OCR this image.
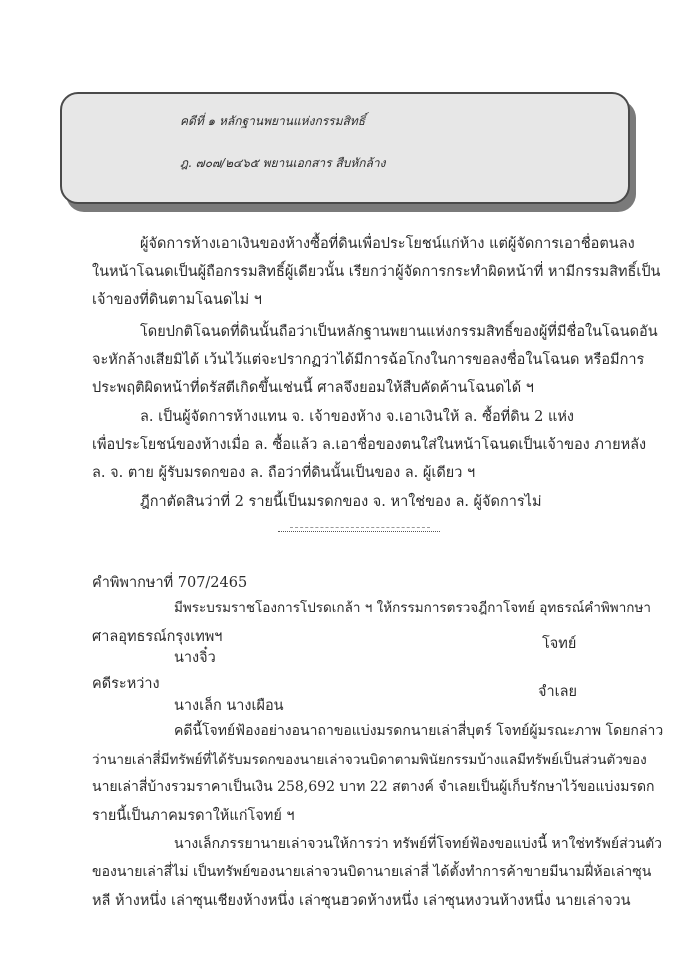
คดีที่ ๑ หลักฐานพยานแห่งกรรมสิทธิ์
ฎ. ๗๐๗/๒๔๖๕ พยานเอกสาร สืบหักล้าง
ผู้จัดการห้างเอาเงินของห้างซื้อที่ดินเพื่อประโยชน์แก่ห้าง แต่ผู้จัดการเอาชื่อตนลง
ในหน้าโฉนดเป็นผู้ถือกรรมสิทธิ์ผู้เดียวนั้น เรียกว่าผู้จัดการกระทำผิดหน้าที่ หามีกรรมสิทธิ์เป็น
เจ้าของที่ดินตามโฉนดไม่ ฯ
โดยปกติโฉนดที่ดินนั้นถือว่าเป็นหลักฐานพยานแห่งกรรมสิทธิ์ของผู้ที่มีชื่อในโฉนดอัน
จะหักล้างเสียมิได้ เว้นไว้แต่จะปรากฏว่าได้มีการฉ้อโกงในการขอลงชื่อในโฉนด หรือมีการ
ประพฤติผิดหน้าที่ดรัสตีเกิดขึ้นเช่นนี้ ศาลจึงยอมให้สืบคัดค้านโฉนดได้ ฯ
ล. เป็นผู้จัดการห้างแทน จ. เจ้าของห้าง จ.เอาเงินให้ ล. ซื้อที่ดิน 2 แห่ง
เพื่อประโยชน์ของห้างเมื่อ ล. ซื้อแล้ว ล.เอาชื่อของตนใส่ในหน้าโฉนดเป็นเจ้าของ ภายหลัง
ล. จ. ตาย ผู้รับมรดกของ ล. ถือว่าที่ดินนั้นเป็นของ ล. ผู้เดียว ฯ
ฎีกาตัดสินว่าที่ 2 รายนี้เป็นมรดกของ จ. หาใช่ของ ล. ผู้จัดการไม่
คำพิพากษาที่ 707/2465
มีพระบรมราชโองการโปรดเกล้า ฯ ให้กรรมการตรวจฎีกาโจทย์ อุทธรณ์คำพิพากษา
ศาลอุทธรณ์กรุงเทพฯ	โจทย์
นางจิ๋ว
คดีระหว่าง	จำเลย
นางเล็ก นางเผือน
คดีนี้โจทย์ฟ้องอย่างอนาถาขอแบ่งมรดกนายเล่าสี่บุตร์ โจทย์ผู้มรณะภาพ โดยกล่าว
ว่านายเล่าสี่มีทรัพย์ที่ได้รับมรดกของนายเล่าจวนบิดาตามพินัยกรรมบ้างแลมีทรัพย์เป็นส่วนตัวของ
นายเล่าสี่บ้างรวมราคาเป็นเงิน 258,692 บาท 22 สตางค์ จำเลยเป็นผู้เก็บรักษาไว้ขอแบ่งมรดก
รายนี้เป็นภาคมรดาให้แก่โจทย์ ฯ
นางเล็กภรรยานายเล่าจวนให้การว่า ทรัพย์ที่โจทย์ฟ้องขอแบ่งนี้ หาใช่ทรัพย์ส่วนตัว
ของนายเล่าสี่ไม่ เป็นทรัพย์ของนายเล่าจวนบิดานายเล่าสี่ ได้ตั้งทำการค้าขายมีนามฝี่ห้อเล่าซุน
หลี ห้างหนึ่ง เล่าซุนเชียงห้างหนึ่ง เล่าซุนฮวดห้างหนึ่ง เล่าซุนหงวนห้างหนึ่ง นายเล่าจวน
